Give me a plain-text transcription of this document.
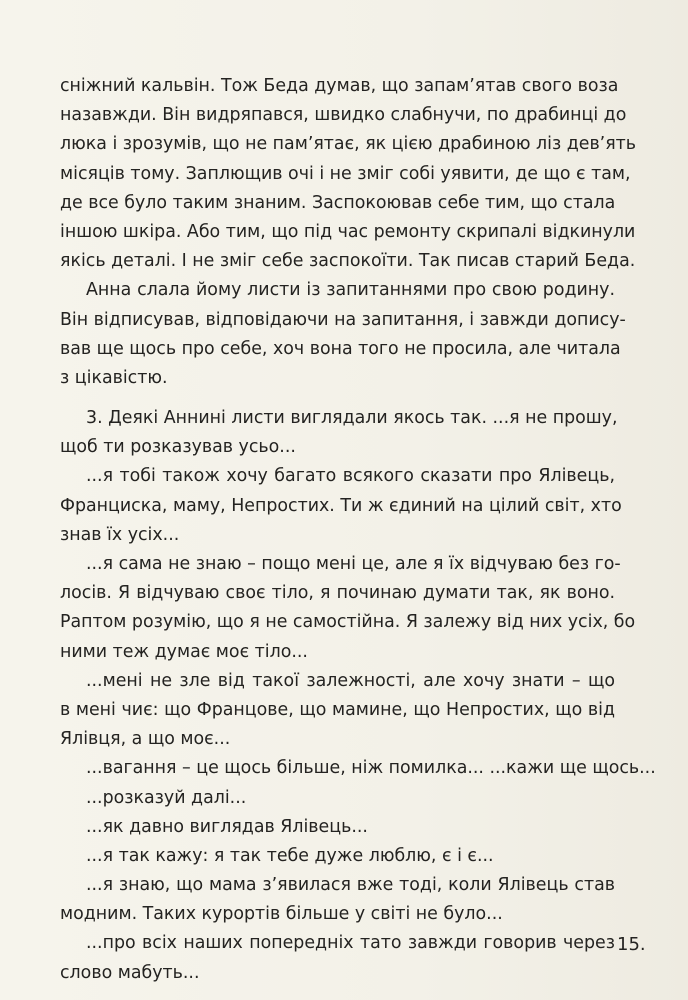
сніжний кальвін. Тож Беда думав, що запам’ятав свого воза
назавжди. Він видряпався, швидко слабнучи, по драбинці до
люка і зрозумів, що не пам’ятає, як цією драбиною ліз дев’ять
місяців тому. Заплющив очі і не зміг собі уявити, де що є там,
де все було таким знаним. Заспокоював себе тим, що стала
іншою шкіра. Або тим, що під час ремонту скрипалі відкинули
якісь деталі. І не зміг себе заспокоїти. Так писав старий Беда.
Анна слала йому листи із запитаннями про свою родину.
Він відписував, відповідаючи на запитання, і завжди допису-
вав ще щось про себе, хоч вона того не просила, але читала
з цікавістю.
3. Деякі Аннині листи виглядали якось так. ...я не прошу,
щоб ти розказував усьо...
...я тобі також хочу багато всякого сказати про Ялівець,
Франциска, маму, Непростих. Ти ж єдиний на цілий світ, хто
знав їх усіх...
...я сама не знаю – пощо мені це, але я їх відчуваю без го-
лосів. Я відчуваю своє тіло, я починаю думати так, як воно.
Раптом розумію, що я не самостійна. Я залежу від них усіх, бо
ними теж думає моє тіло...
...мені не зле від такої залежності, але хочу знати – що
в мені чиє: що Францове, що мамине, що Непростих, що від
Ялівця, а що моє...
...вагання – це щось більше, ніж помилка... ...кажи ще щось...
...розказуй далі...
...як давно виглядав Ялівець...
...я так кажу: я так тебе дуже люблю, є і є...
...я знаю, що мама з’явилася вже тоді, коли Ялівець став
модним. Таких курортів більше у світі не було...
...про всіх наших попередніх тато завжди говорив через
слово мабуть...
15.
